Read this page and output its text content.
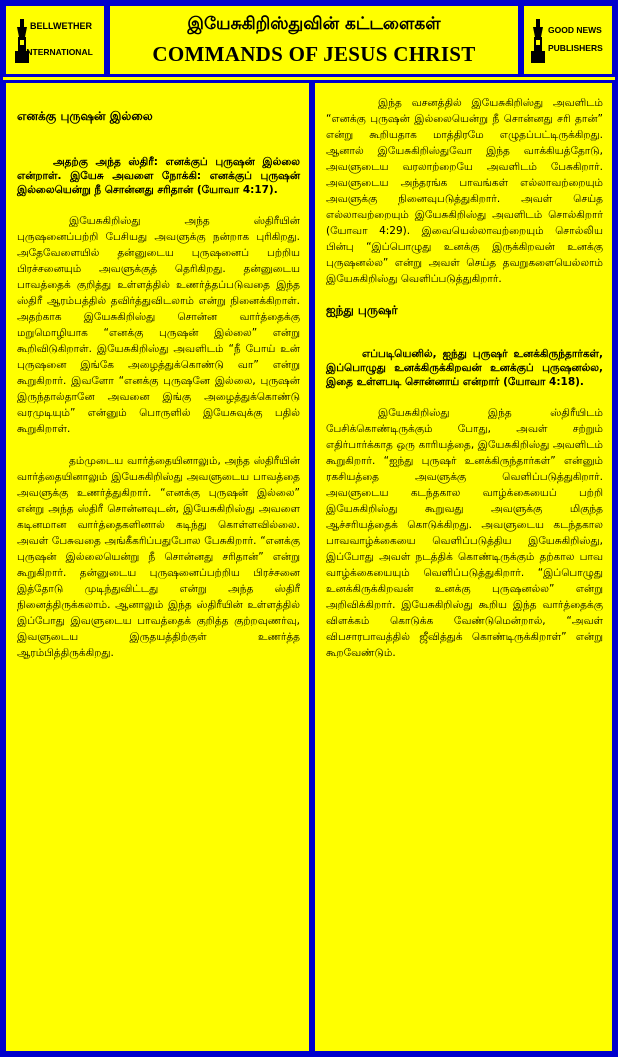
BELLWETHER
INTERNATIONAL
இயேசுகிறிஸ்துவின் கட்டளைகள்
COMMANDS OF JESUS CHRIST
GOOD NEWS
PUBLISHERS
எனக்கு புருஷன் இல்லை

அதற்கு அந்த ஸ்திரீ: எனக்குப் புருஷன் இல்லை என்றாள். இயேசு அவளை நோக்கி: எனக்குப் புருஷன் இல்லையென்று நீ சொன்னது சரிதான் (யோவா 4:17).

இயேசுகிறிஸ்து அந்த ஸ்திரீயின் புருஷனைப்பற்றி பேசியது அவளுக்கு நன்றாக புரிகிறது. அதேவேளையில் தன்னுடைய புருஷனைப் பற்றிய பிரச்சனையும் அவளுக்குத் தெரிகிறது. தன்னுடைய பாவத்தைக் குறித்து உள்ளத்தில் உணர்த்தப்படுவதை இந்த ஸ்திரீ ஆரம்பத்தில் தவிர்த்துவிடலாம் என்று நினைக்கிறாள். அதற்காக இயேசுகிறிஸ்து சொன்ன வார்த்தைக்கு மறுமொழியாக “எனக்கு புருஷன் இல்லை” என்று கூறிவிடுகிறாள். இயேசுகிறிஸ்து அவளிடம் “நீ போய் உன் புருஷனை இங்கே அழைத்துக்கொண்டு வா” என்று கூறுகிறார். இவளோ “எனக்கு புருஷனே இல்லை, புருஷன் இருந்தால்தானே அவனை இங்கு அழைத்துக்கொண்டு வரமுடியும்” என்னும் பொருளில் இயேசுவுக்கு பதில் கூறுகிறாள்.

தம்முடைய வார்த்தையினாலும், அந்த ஸ்திரீயின் வார்த்தையினாலும் இயேசுகிறிஸ்து அவளுடைய பாவத்தை அவளுக்கு உணர்த்துகிறார். “எனக்கு புருஷன் இல்லை” என்று அந்த ஸ்திரீ சொன்னவுடன், இயேசுகிறிஸ்து அவளை கடினமான வார்த்தைகளினால் கடிந்து கொள்ளவில்லை. அவள் பேசுவதை அங்கீகரிப்பதுபோல பேசுகிறார். “எனக்கு புருஷன் இல்லையென்று நீ சொன்னது சரிதான்” என்று கூறுகிறார். தன்னுடைய புருஷனைப்பற்றிய பிரச்சனை இத்தோடு முடிந்துவிட்டது என்று அந்த ஸ்திரீ நினைத்திருக்கலாம். ஆனாலும் இந்த ஸ்திரீயின் உள்ளத்தில் இப்போது இவளுடைய பாவத்தைக் குறித்த குற்றவுணர்வு, இவளுடைய இருதயத்திற்குள் உணர்த்த ஆரம்பித்திருக்கிறது.

இந்த வசனத்தில் இயேசுகிறிஸ்து அவளிடம் “எனக்கு புருஷன் இல்லையென்று நீ சொன்னது சரி தான்” என்று கூறியதாக மாத்திரமே எழுதப்பட்டிருக்கிறது. ஆனால் இயேசுகிறிஸ்துவோ இந்த வாக்கியத்தோடு, அவளுடைய வரலாற்றையே அவளிடம் பேசுகிறார். அவளுடைய அந்தரங்க பாவங்கள் எல்லாவற்றையும் அவளுக்கு நினைவுபடுத்துகிறார். அவள் செய்த எல்லாவற்றையும் இயேசுகிறிஸ்து அவளிடம் சொல்கிறார் (யோவா 4:29). இவையெல்லாவற்றையும் சொல்லிய பின்பு “இப்பொழுது உனக்கு இருக்கிறவன் உனக்கு புருஷனல்ல” என்று அவள் செய்த தவறுகளையெல்லாம் இயேசுகிறிஸ்து வெளிப்படுத்துகிறார்.

ஐந்து புருஷர்

எப்படியெனில், ஐந்து புருஷர் உனக்கிருந்தார்கள், இப்பொழுது உனக்கிருக்கிறவன் உனக்குப் புருஷனல்ல, இதை உள்ளபடி சொன்னாய் என்றார் (யோவா 4:18).

இயேசுகிறிஸ்து இந்த ஸ்திரீயிடம் பேசிக்கொண்டிருக்கும் போது, அவள் சற்றும் எதிர்பார்க்காத ஒரு காரியத்தை, இயேசுகிறிஸ்து அவளிடம் கூறுகிறார். “ஐந்து புருஷர் உனக்கிருந்தார்கள்” என்னும் ரகசியத்தை அவளுக்கு வெளிப்படுத்துகிறார். அவளுடைய கடந்தகால வாழ்க்கையைப் பற்றி இயேசுகிறிஸ்து கூறுவது அவளுக்கு மிகுந்த ஆச்சரியத்தைக் கொடுக்கிறது. அவளுடைய கடந்தகால பாவவாழ்க்கையை வெளிப்படுத்திய இயேசுகிறிஸ்து, இப்போது அவள் நடத்திக் கொண்டிருக்கும் தற்கால பாவ வாழ்க்கையையும் வெளிப்படுத்துகிறார். “இப்பொழுது உனக்கிருக்கிறவன் உனக்கு புருஷனல்ல” என்று அறிவிக்கிறார். இயேசுகிறிஸ்து கூறிய இந்த வார்த்தைக்கு விளக்கம் கொடுக்க வேண்டுமென்றால், “அவள் விபசாரபாவத்தில் ஜீவித்துக் கொண்டிருக்கிறாள்” என்று கூறவேண்டும்.
